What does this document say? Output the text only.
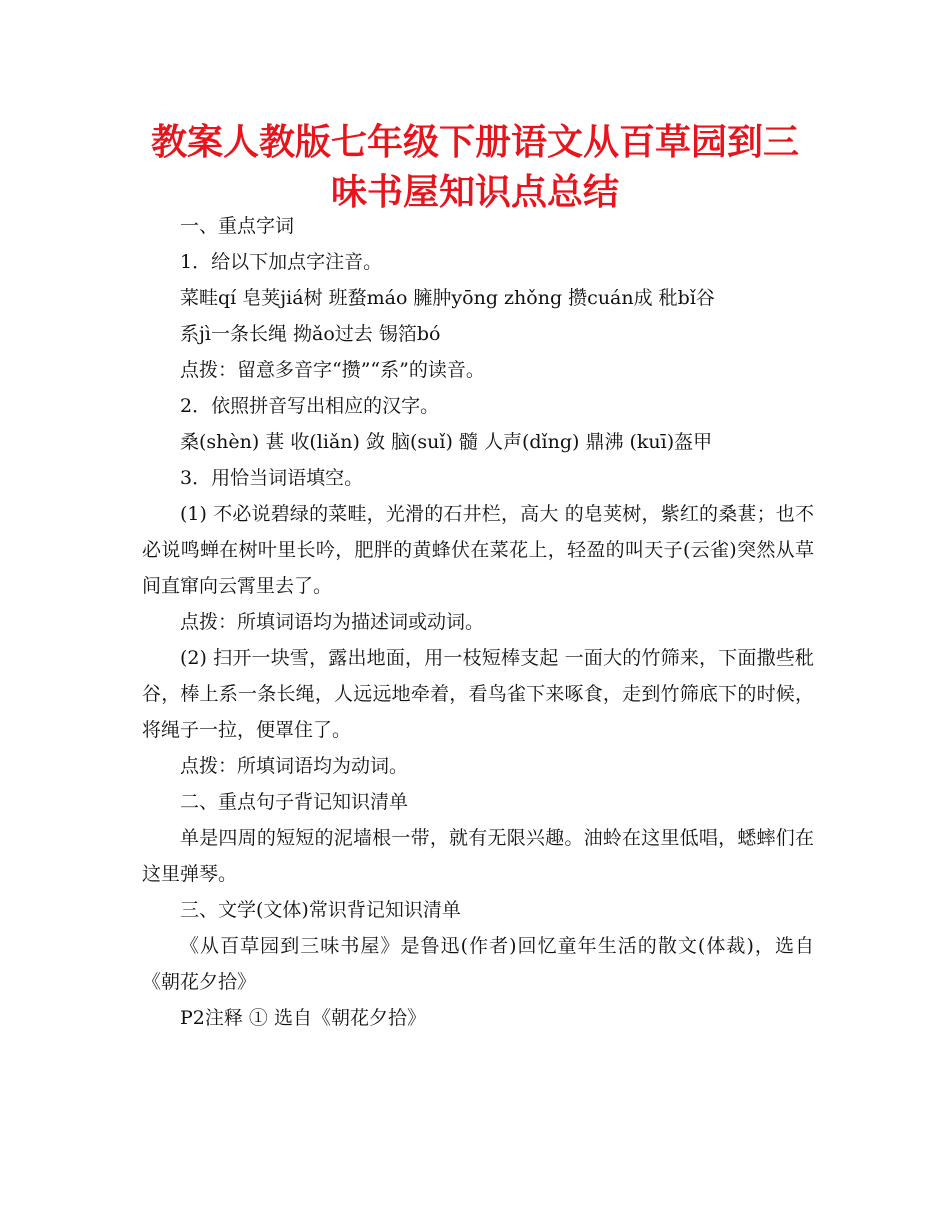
教案人教版七年级下册语文从百草园到三
味书屋知识点总结

一、重点字词

1．给以下加点字注音。

菜畦qí 皂荚jiá树 班蝥máo 臃肿yōng zhǒng 攒cuán成 秕bǐ谷

系jì一条长绳 拗ǎo过去 锡箔bó

点拨：留意多音字“攒”“系”的读音。

2．依照拼音写出相应的汉字。

桑(shèn) 葚 收(liǎn) 敛 脑(suǐ) 髓 人声(dǐng) 鼎沸 (kuī)盔甲

3．用恰当词语填空。

(1) 不必说碧绿的菜畦，光滑的石井栏，高大 的皂荚树，紫红的桑葚；也不必说鸣蝉在树叶里长吟，肥胖的黄蜂伏在菜花上，轻盈的叫天子(云雀)突然从草间直窜向云霄里去了。

点拨：所填词语均为描述词或动词。

(2) 扫开一块雪，露出地面，用一枝短棒支起 一面大的竹筛来，下面撒些秕谷，棒上系一条长绳，人远远地牵着，看鸟雀下来啄食，走到竹筛底下的时候，将绳子一拉，便罩住了。

点拨：所填词语均为动词。

二、重点句子背记知识清单

单是四周的短短的泥墙根一带，就有无限兴趣。油蛉在这里低唱，蟋蟀们在这里弹琴。

三、文学(文体)常识背记知识清单

《从百草园到三味书屋》是鲁迅(作者)回忆童年生活的散文(体裁)，选自《朝花夕拾》

P2注释 ① 选自《朝花夕拾》
